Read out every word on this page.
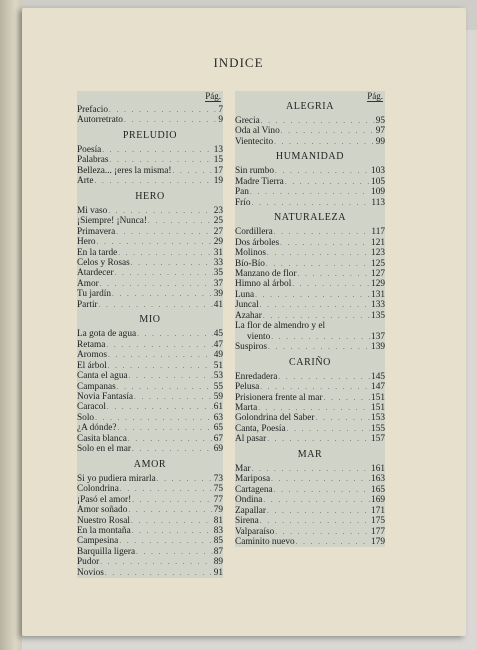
INDICE
Pág.
Prefacio . . .	7
Autorretrato . . .	9
PRELUDIO
Poesía . . .	13
Palabras . . .	15
Belleza... ¡eres la misma! . . .	17
Arte . . .	19
HERO
Mi vaso . . .	23
¡Siempre! ¡Nunca! . . .	25
Primavera . . .	27
Hero . . .	29
En la tarde . . .	31
Celos y Rosas . . .	33
Atardecer . . .	35
Amor . . .	37
Tu jardín . . .	39
Partir . . .	41
MIO
La gota de agua . . .	45
Retama . . .	47
Aromos . . .	49
El árbol . . .	51
Canta el agua . . .	53
Campanas . . .	55
Novia Fantasía . . .	59
Caracol . . .	61
Solo . . .	63
¿A dónde? . . .	65
Casita blanca . . .	67
Solo en el mar . . .	69
AMOR
Si yo pudiera mirarla . . .	73
Colondrina . . .	75
¡Pasó el amor! . . .	77
Amor soñado . . .	79
Nuestro Rosal . . .	81
En la montaña . . .	83
Campesina . . .	85
Barquilla ligera . . .	87
Pudor . . .	89
Novios . . .	91
Pág.
ALEGRIA
Grecia . . .	95
Oda al Vino . . .	97
Vientecito . . .	99
HUMANIDAD
Sin rumbo . . .	103
Madre Tierra . . .	105
Pan . . .	109
Frío . . .	113
NATURALEZA
Cordillera . . .	117
Dos árboles . . .	121
Molinos . . .	123
Bío-Bío . . .	125
Manzano de flor . . .	127
Himno al árbol . . .	129
Luna . . .	131
Juncal . . .	133
Azahar . . .	135
La flor de almendro y el
viento . . .	137
Suspiros . . .	139
CARIÑO
Enredadera . . .	145
Pelusa . . .	147
Prisionera frente al mar . . .	151
Marta . . .	151
Golondrina del Saber . . .	153
Canta, Poesía . . .	155
Al pasar . . .	157
MAR
Mar . . .	161
Mariposa . . .	163
Cartagena . . .	165
Ondina . . .	169
Zapallar . . .	171
Sirena . . .	175
Valparaíso . . .	177
Caminito nuevo . . .	179
